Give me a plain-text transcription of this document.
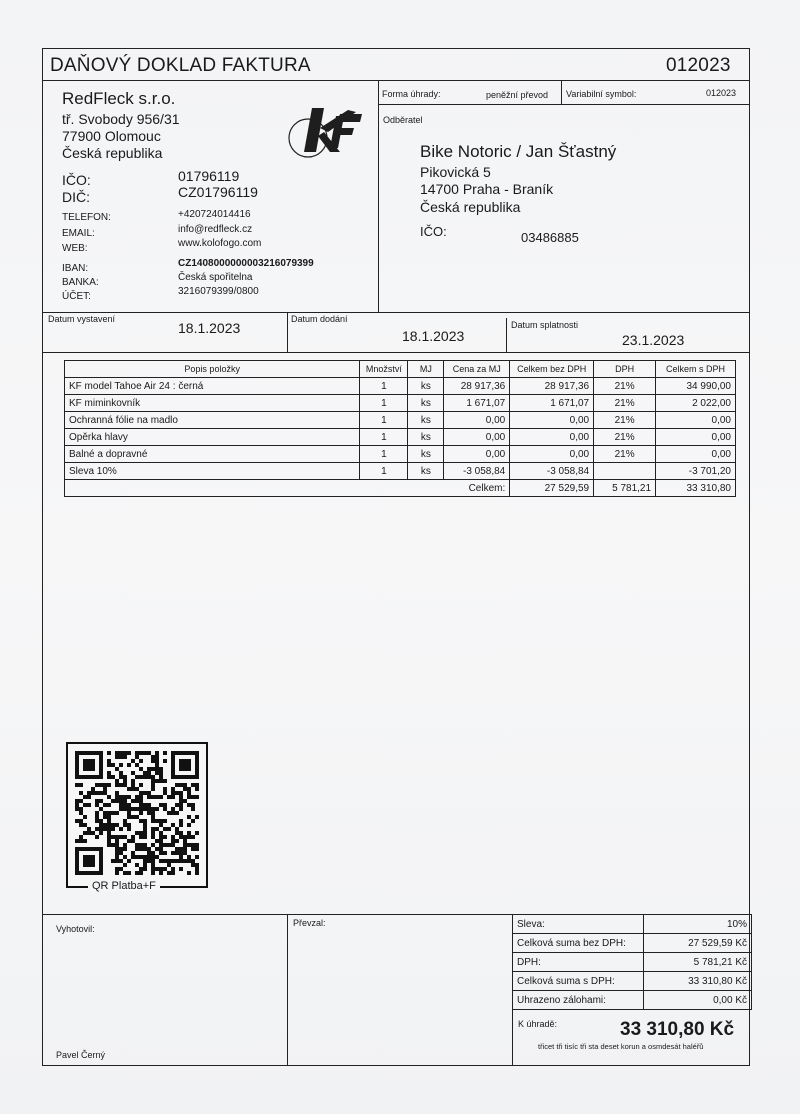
DAŇOVÝ DOKLAD FAKTURA	012023
RedFleck s.r.o.
tř. Svobody 956/31
77900 Olomouc
Česká republika
IČO:	01796119
DIČ:	CZ01796119
TELEFON:	+420724014416
EMAIL:	info@redfleck.cz
WEB:	www.kolofogo.com
IBAN:	CZ1408000000003216079399
BANKA:	Česká spořitelna
ÚČET:	3216079399/0800
Forma úhrady:	peněžní převod Variabilní symbol:	012023
Odběratel
Bike Notoric / Jan Šťastný
Pikovická 5
14700 Praha - Braník
Česká republika
IČO:	03486885
Datum vystavení
18.1.2023
Datum dodání
18.1.2023
Datum splatnosti
23.1.2023
Popis položky	Množství	MJ	Cena za MJ	Celkem bez DPH	DPH	Celkem s DPH
KF model Tahoe Air 24 : černá	1	ks	28 917,36	28 917,36	21%	34 990,00
KF miminkovník	1	ks	1 671,07	1 671,07	21%	2 022,00
Ochranná fólie na madlo	1	ks	0,00	0,00	21%	0,00
Opěrka hlavy	1	ks	0,00	0,00	21%	0,00
Balné a dopravné	1	ks	0,00	0,00	21%	0,00
Sleva 10%	1	ks	-3 058,84	-3 058,84		-3 701,20
Celkem:				27 529,59	5 781,21	33 310,80
QR Platba+F
Vyhotovil:
Pavel Černý
Převzal:	Sleva:	10%
Celková suma bez DPH:	27 529,59 Kč
DPH:	5 781,21 Kč
Celková suma s DPH:	33 310,80 Kč
Uhrazeno zálohami:	0,00 Kč
K úhradě:	33 310,80 Kč
třicet tři tisíc tři sta deset korun a osmdesát haléřů
